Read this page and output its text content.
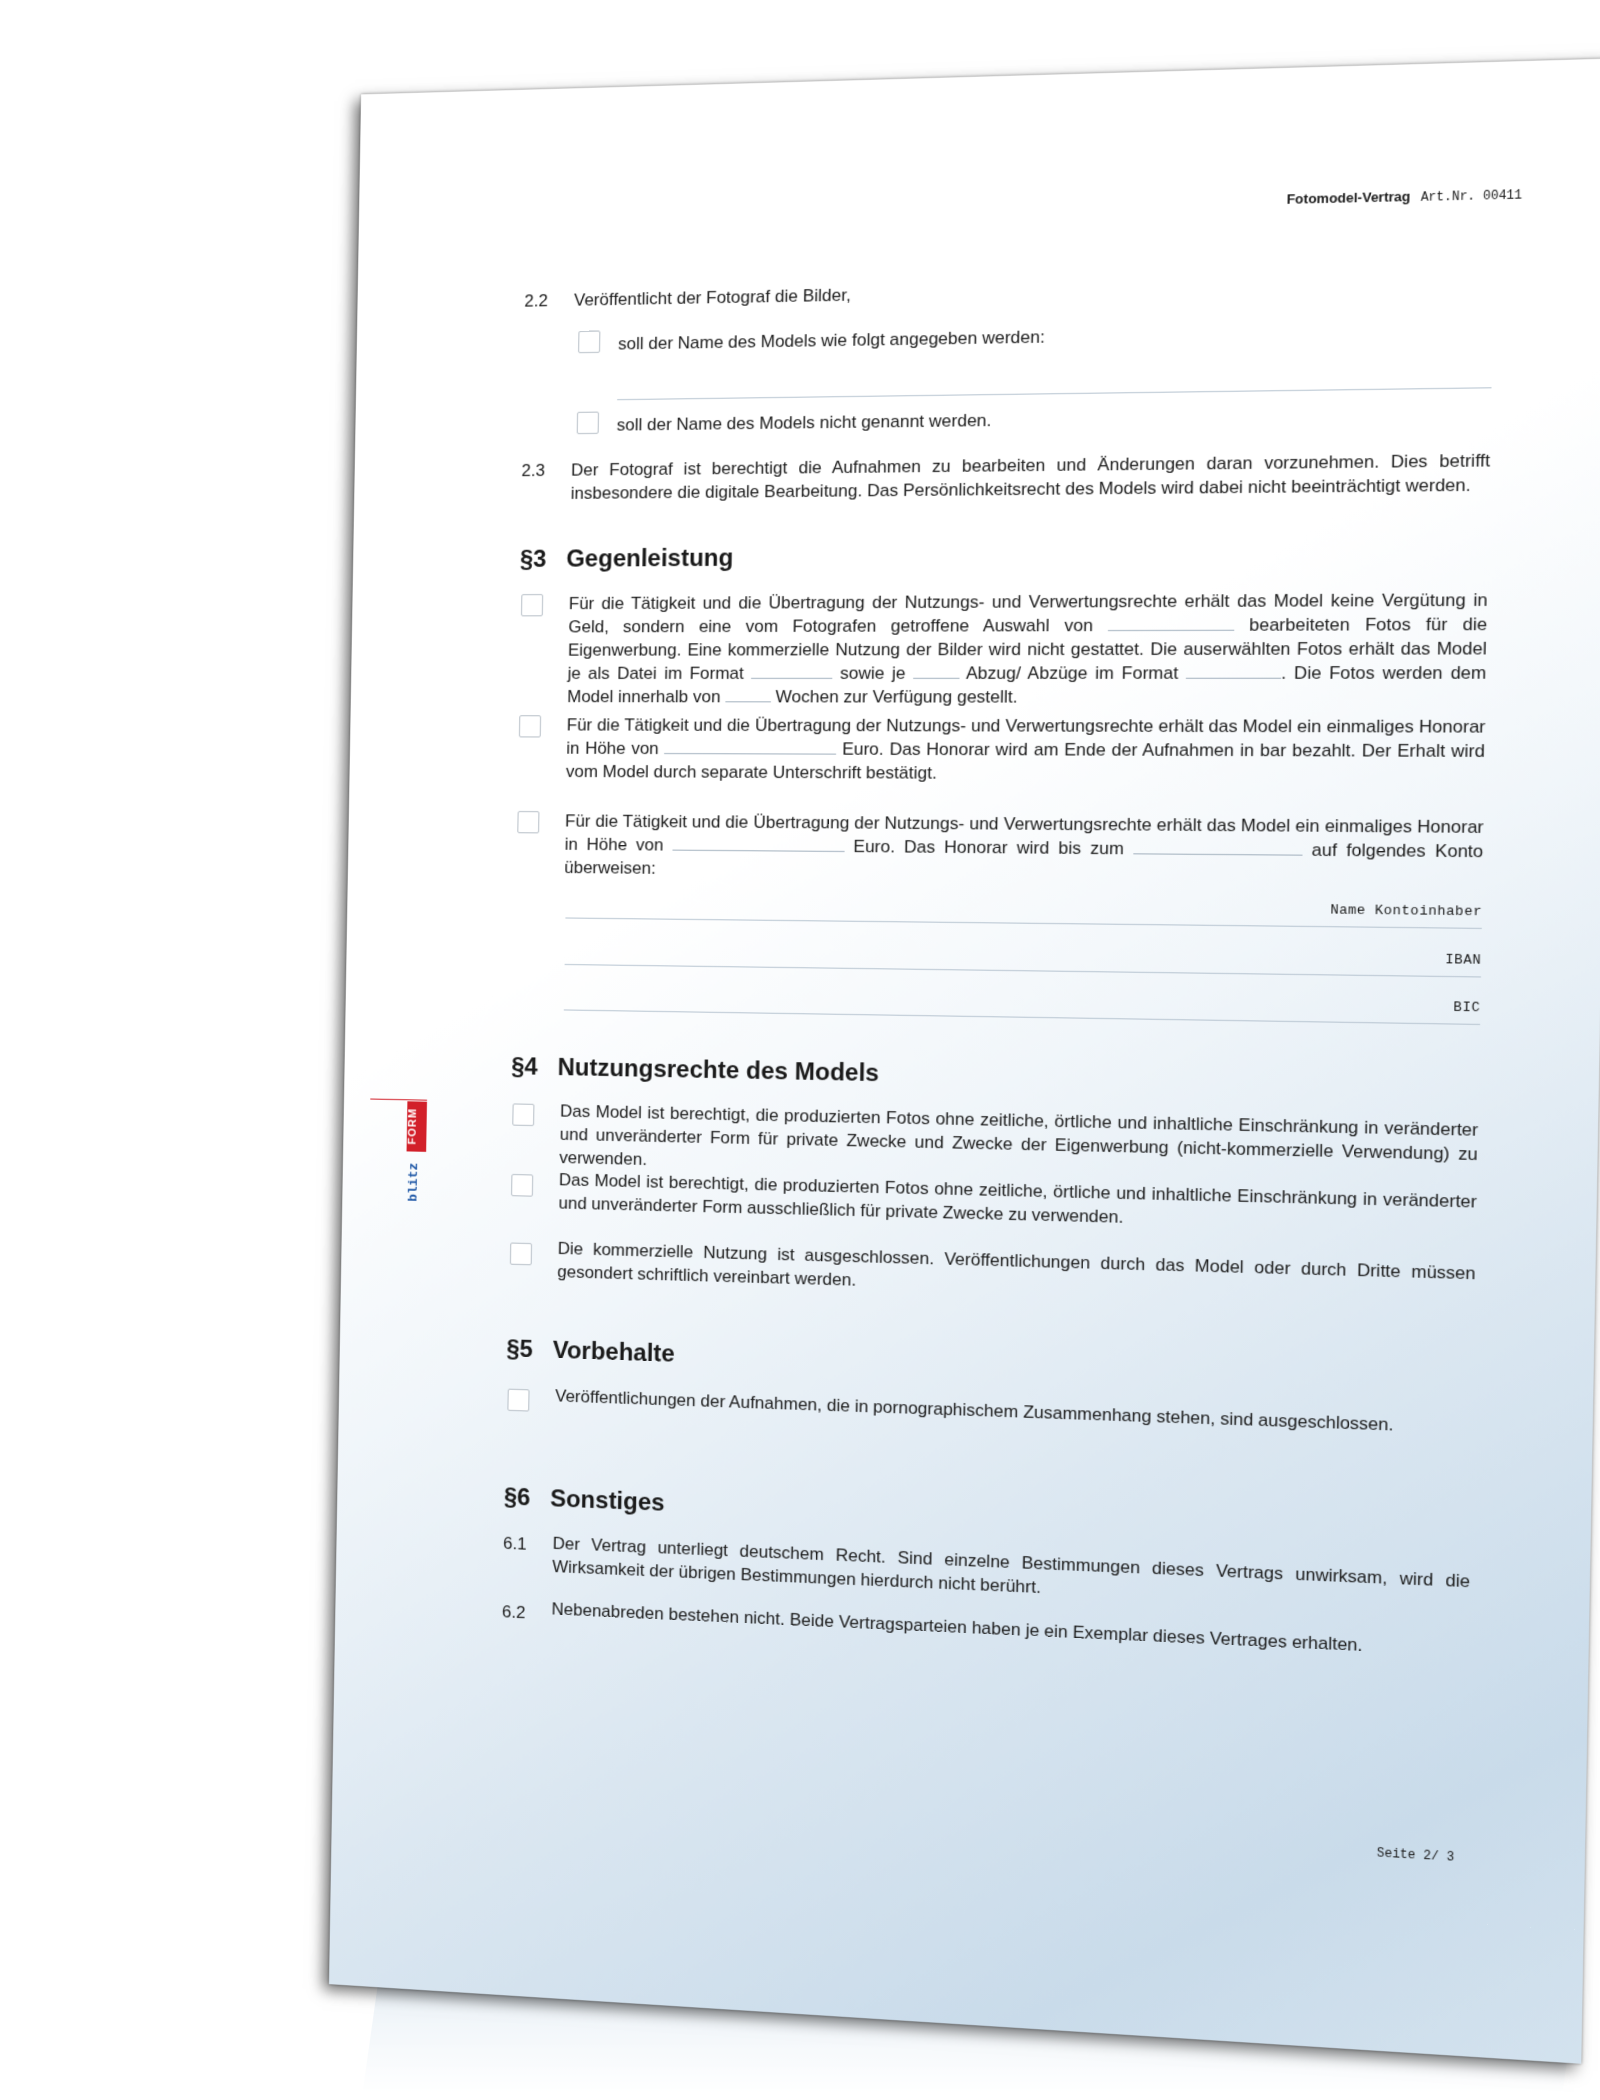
Fotomodel-Vertrag Art.Nr. 00411
2.2 Veröffentlicht der Fotograf die Bilder,
soll der Name des Models wie folgt angegeben werden:
soll der Name des Models nicht genannt werden.
2.3 Der Fotograf ist berechtigt die Aufnahmen zu bearbeiten und Änderungen daran vorzunehmen. Dies betrifft insbesondere die digitale Bearbeitung. Das Persönlichkeitsrecht des Models wird dabei nicht beeinträchtigt werden.
§3 Gegenleistung
Für die Tätigkeit und die Übertragung der Nutzungs- und Verwertungsrechte erhält das Model keine Vergütung in Geld, sondern eine vom Fotografen getroffene Auswahl von	bearbeiteten Fotos für die Eigenwerbung. Eine kommerzielle Nutzung der Bilder wird nicht gestattet. Die auserwählten Fotos erhält das Model je als Datei im Format	sowie je	Abzug/ Abzüge im Format	. Die Fotos werden dem Model innerhalb von	Wochen zur Verfügung gestellt.
Für die Tätigkeit und die Übertragung der Nutzungs- und Verwertungsrechte erhält das Model ein einmaliges Honorar in Höhe von	Euro. Das Honorar wird am Ende der Aufnahmen in bar bezahlt. Der Erhalt wird vom Model durch separate Unterschrift bestätigt.
Für die Tätigkeit und die Übertragung der Nutzungs- und Verwertungsrechte erhält das Model ein einmaliges Honorar in Höhe von	Euro. Das Honorar wird bis zum	auf folgendes Konto überweisen:
Name Kontoinhaber
IBAN
BIC
§4 Nutzungsrechte des Models
Das Model ist berechtigt, die produzierten Fotos ohne zeitliche, örtliche und inhaltliche Einschränkung in veränderter und unveränderter Form für private Zwecke und Zwecke der Eigenwerbung (nicht-kommerzielle Verwendung) zu verwenden.
Das Model ist berechtigt, die produzierten Fotos ohne zeitliche, örtliche und inhaltliche Einschränkung in veränderter und unveränderter Form ausschließlich für private Zwecke zu verwenden.
Die kommerzielle Nutzung ist ausgeschlossen. Veröffentlichungen durch das Model oder durch Dritte müssen gesondert schriftlich vereinbart werden.
§5 Vorbehalte
Veröffentlichungen der Aufnahmen, die in pornographischem Zusammenhang stehen, sind ausgeschlossen.
§6 Sonstiges
6.1 Der Vertrag unterliegt deutschem Recht. Sind einzelne Bestimmungen dieses Vertrags unwirksam, wird die Wirksamkeit der übrigen Bestimmungen hierdurch nicht berührt.
6.2 Nebenabreden bestehen nicht. Beide Vertragsparteien haben je ein Exemplar dieses Vertrages erhalten.
Seite 2/ 3
FORM
blitz
